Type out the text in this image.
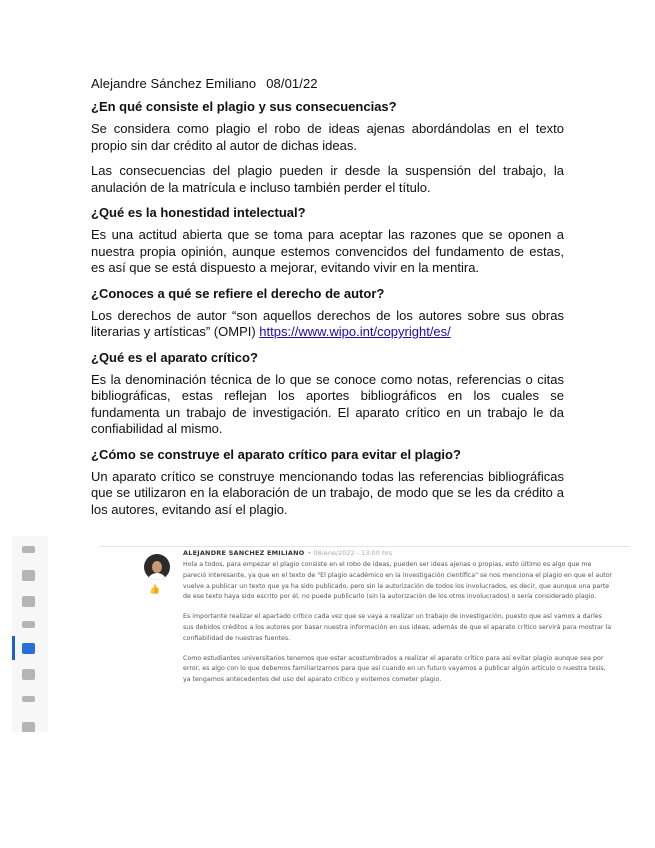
Alejandre Sánchez Emiliano 08/01/22
¿En qué consiste el plagio y sus consecuencias?

Se considera como plagio el robo de ideas ajenas abordándolas en el texto propio sin dar crédito al autor de dichas ideas.

Las consecuencias del plagio pueden ir desde la suspensión del trabajo, la anulación de la matrícula e incluso también perder el título.

¿Qué es la honestidad intelectual?

Es una actitud abierta que se toma para aceptar las razones que se oponen a nuestra propia opinión, aunque estemos convencidos del fundamento de estas, es así que se está dispuesto a mejorar, evitando vivir en la mentira.

¿Conoces a qué se refiere el derecho de autor?

Los derechos de autor “son aquellos derechos de los autores sobre sus obras literarias y artísticas” (OMPI) https://www.wipo.int/copyright/es/

¿Qué es el aparato crítico?

Es la denominación técnica de lo que se conoce como notas, referencias o citas bibliográficas, estas reflejan los aportes bibliográficos en los cuales se fundamenta un trabajo de investigación. El aparato crítico en un trabajo le da confiabilidad al mismo.

¿Cómo se construye el aparato crítico para evitar el plagio?

Un aparato crítico se construye mencionando todas las referencias bibliográficas que se utilizaron en la elaboración de un trabajo, de modo que se les da crédito a los autores, evitando así el plagio.

👍
ALEJANDRE SANCHEZ EMILIANO • 08/ene/2022 - 13:00 hrs

Hola a todos, para empezar el plagio consiste en el robo de ideas, pueden ser ideas ajenas o propias, esto último es algo que me pareció interesante, ya que en el texto de "El plagio académico en la investigación científica" se nos menciona el plagio en que el autor vuelve a publicar un texto que ya ha sido publicado, pero sin la autorización de todos los involucrados, es decir, que aunque una parte de ese texto haya sido escrito por él, no puede publicarlo (sin la autorización de los otros involucrados) o sería considerado plagio.

Es importante realizar el apartado crítico cada vez que se vaya a realizar un trabajo de investigación, puesto que así vamos a darles sus debidos créditos a los autores por basar nuestra información en sus ideas, además de que el aparato crítico servirá para mostrar la confiabilidad de nuestras fuentes.

Como estudiantes universitarios tenemos que estar acostumbrados a realizar el aparato crítico para así evitar plagio aunque sea por error, es algo con lo que debemos familiarizarnos para que así cuando en un futuro vayamos a publicar algún artículo o nuestra tesis, ya tengamos antecedentes del uso del aparato crítico y evitemos cometer plagio.
